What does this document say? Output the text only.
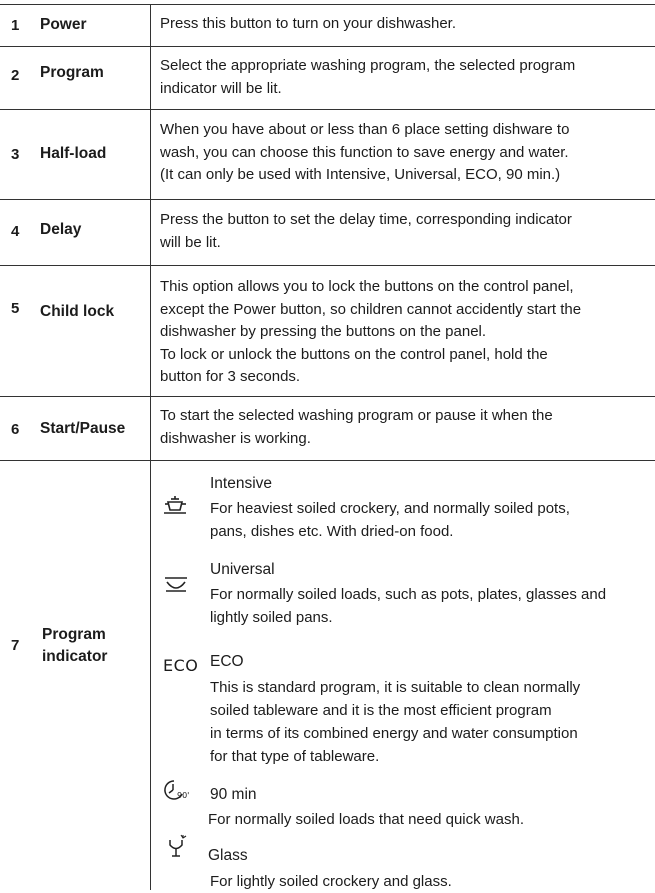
1 Power	Press this button to turn on your dishwasher.
2 Program	Select the appropriate washing program, the selected program
indicator will be lit.
3 Half-load
When you have about or less than 6 place setting dishware to
wash, you can choose this function to save energy and water.
(It can only be used with Intensive, Universal, ECO, 90 min.)
4 Delay
Press the button to set the delay time, corresponding indicator
will be lit.
5 Child lock
This option allows you to lock the buttons on the control panel,
except the Power button, so children cannot accidently start the
dishwasher by pressing the buttons on the panel.
To lock or unlock the buttons on the control panel, hold the
button for 3 seconds.
6 Start/Pause
To start the selected washing program or pause it when the
dishwasher is working.
7
Program
indicator
Intensive
For heaviest soiled crockery, and normally soiled pots,
pans, dishes etc. With dried-on food.
Universal
For normally soiled loads, such as pots, plates, glasses and
lightly soiled pans.
ECO ECO
This is standard program, it is suitable to clean normally
soiled tableware and it is the most efficient program
in terms of its combined energy and water consumption
for that type of tableware.
90' 90 min
For normally soiled loads that need quick wash.
Glass
For lightly soiled crockery and glass.
